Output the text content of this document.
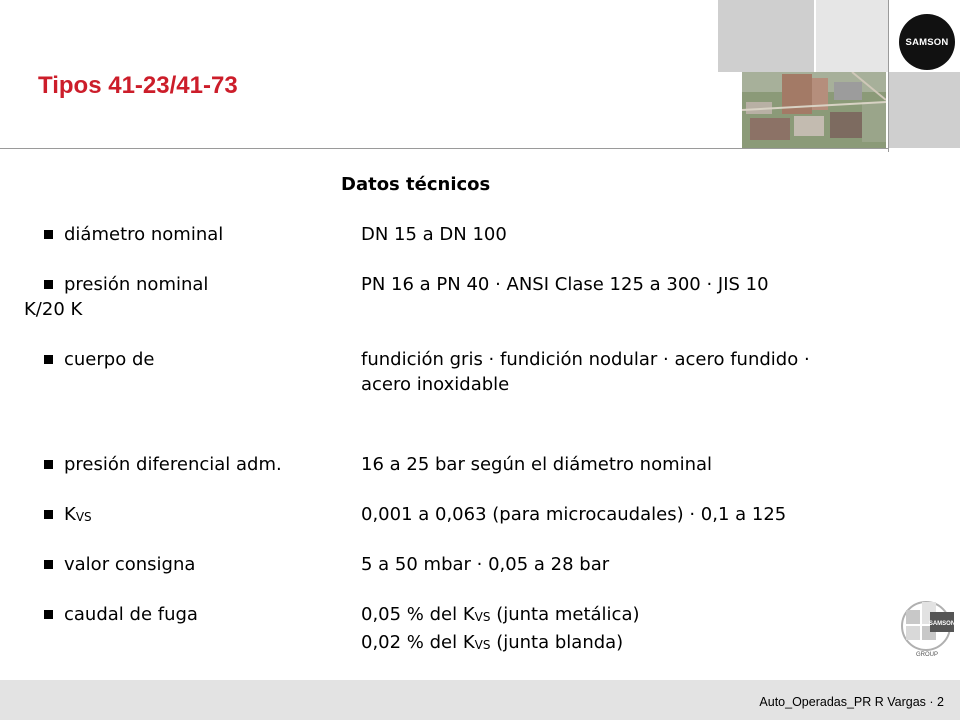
SAMSON
Tipos 41-23/41-73
Datos técnicos
diámetro nominal	DN 15 a DN 100
presión nominal	PN 16 a PN 40 · ANSI Clase 125 a 300 · JIS 10
K/20 K
cuerpo de	fundición gris · fundición nodular · acero fundido ·
acero inoxidable
presión diferencial adm.	16 a 25 bar según el diámetro nominal
KVS	0,001 a 0,063 (para microcaudales) · 0,1 a 125
valor consigna	5 a 50 mbar · 0,05 a 28 bar
caudal de fuga	0,05 % del KVS (junta metálica)
0,02 % del KVS (junta blanda)
SAMSON
GROUP
Auto_Operadas_PR R Vargas · 2
